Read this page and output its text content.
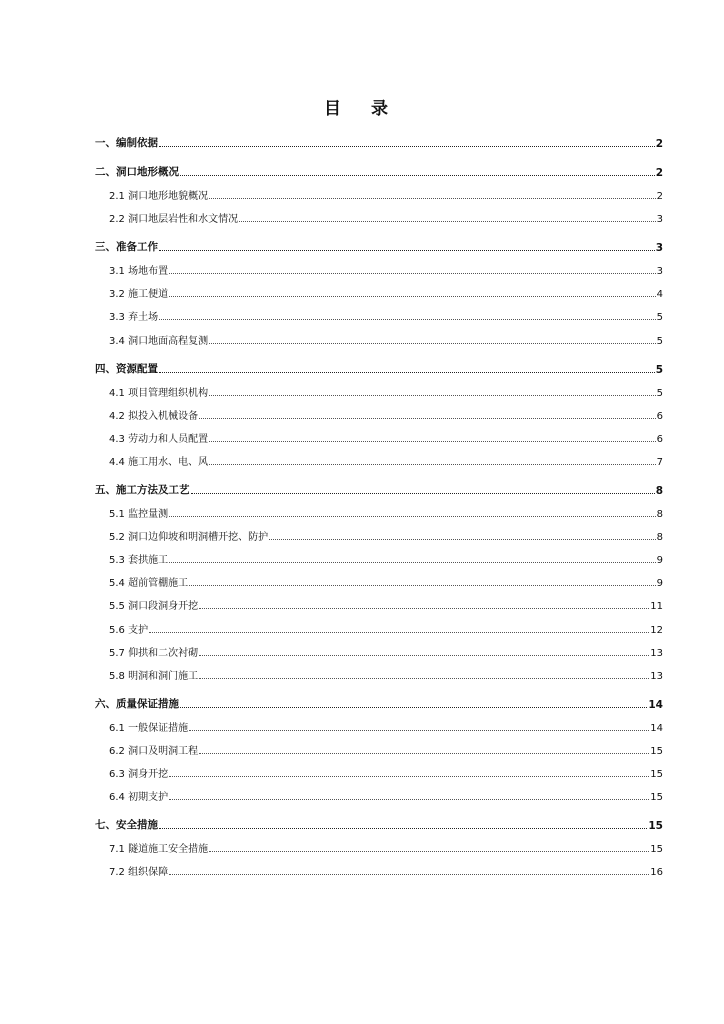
目 录
一、编制依据	2
二、洞口地形概况	2
2.1 洞口地形地貌概况	2
2.2 洞口地层岩性和水文情况	3
三、准备工作	3
3.1 场地布置	3
3.2 施工便道	4
3.3 弃土场	5
3.4 洞口地面高程复测	5
四、资源配置	5
4.1 项目管理组织机构	5
4.2 拟投入机械设备	6
4.3 劳动力和人员配置	6
4.4 施工用水、电、风	7
五、施工方法及工艺	8
5.1 监控量测	8
5.2 洞口边仰坡和明洞槽开挖、防护	8
5.3 套拱施工	9
5.4 超前管棚施工	9
5.5 洞口段洞身开挖	11
5.6 支护	12
5.7 仰拱和二次衬砌	13
5.8 明洞和洞门施工	13
六、质量保证措施	14
6.1 一般保证措施	14
6.2 洞口及明洞工程	15
6.3 洞身开挖	15
6.4 初期支护	15
七、安全措施	15
7.1 隧道施工安全措施	15
7.2 组织保障	16
